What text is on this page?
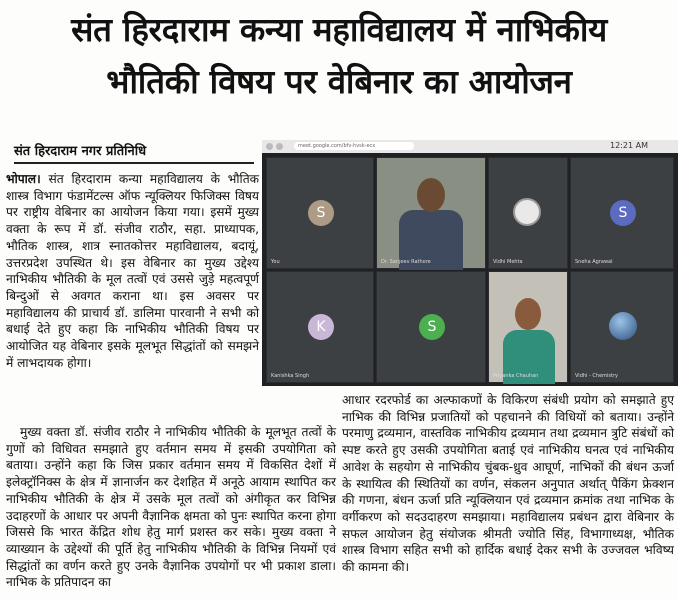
संत हिरदाराम कन्या महाविद्यालय में नाभिकीय
भौतिकी विषय पर वेबिनार का आयोजन
संत हिरदाराम नगर प्रतिनिधि
भोपाल। संत हिरदाराम कन्या महाविद्यालय के भौतिक शास्त्र विभाग फंडामेंटल्स ऑफ न्यूक्लियर फिजिक्स विषय पर राष्ट्रीय वेबिनार का आयोजन किया गया। इसमें मुख्य वक्ता के रूप में डॉ. संजीव राठौर, सहा. प्राध्यापक, भौतिक शास्त्र, शात्र स्नातकोत्तर महाविद्यालय, बदायूं, उत्तरप्रदेश उपस्थित थे। इस वेबिनार का मुख्य उद्देश्य नाभिकीय भौतिकी के मूल तत्वों एवं उससे जुड़े महत्वपूर्ण बिन्दुओं से अवगत कराना था। इस अवसर पर महाविद्यालय की प्राचार्य डॉ. डालिमा पारवानी ने सभी को बधाई देते हुए कहा कि नाभिकीय भौतिकी विषय पर आयोजित यह वेबिनार इसके मूलभूत सिद्धांतों को समझने में लाभदायक होगा।
meet.google.com/bfv-hvsk-ecx	12:21 AM
S
You	Dr. Sanjeev Rathore	Vidhi Mehta
S
Sneha Agrawal
K
Kanishka Singh
S
Priyanka Chauhan	Vidhi - Chemistry
मुख्य वक्ता डॉ. संजीव राठौर ने नाभिकीय भौतिकी के मूलभूत तत्वों के गुणों को विधिवत समझाते हुए वर्तमान समय में इसकी उपयोगिता को बताया। उन्होंने कहा कि जिस प्रकार वर्तमान समय में विकसित देशों में इलेक्ट्रॉनिक्स के क्षेत्र में ज्ञानार्जन कर देशहित में अनूठे आयाम स्थापित कर नाभिकीय भौतिकी के क्षेत्र में उसके मूल तत्वों को अंगीकृत कर विभिन्न उदाहरणों के आधार पर अपनी वैज्ञानिक क्षमता को पुनः स्थापित करना होगा जिससे कि भारत केंद्रित शोध हेतु मार्ग प्रशस्त कर सके। मुख्य वक्ता ने व्याख्यान के उद्देश्यों की पूर्ति हेतु नाभिकीय भौतिकी के विभिन्न नियमों एवं सिद्धांतों का वर्णन करते हुए उनके वैज्ञानिक उपयोगों पर भी प्रकाश डाला। नाभिक के प्रतिपादन का
आधार रदरफोर्ड का अल्फाकणों के विकिरण संबंधी प्रयोग को समझाते हुए नाभिक की विभिन्न प्रजातियों को पहचानने की विधियों को बताया। उन्होंने परमाणु द्रव्यमान, वास्तविक नाभिकीय द्रव्यमान तथा द्रव्यमान त्रुटि संबंधों को स्पष्ट करते हुए उसकी उपयोगिता बताई एवं नाभिकीय घनत्व एवं नाभिकीय आवेश के सहयोग से नाभिकीय चुंबक-ध्रुव आघूर्ण, नाभिकों की बंधन ऊर्जा के स्थायित्व की स्थितियों का वर्णन, संकलन अनुपात अर्थात् पैकिंग फ्रेक्शन की गणना, बंधन ऊर्जा प्रति न्यूक्लियान एवं द्रव्यमान क्रमांक तथा नाभिक के वर्गीकरण को सदउदाहरण समझाया। महाविद्यालय प्रबंधन द्वारा वेबिनार के सफल आयोजन हेतु संयोजक श्रीमती ज्योति सिंह, विभागाध्यक्ष, भौतिक शास्त्र विभाग सहित सभी को हार्दिक बधाई देकर सभी के उज्जवल भविष्य की कामना की।
